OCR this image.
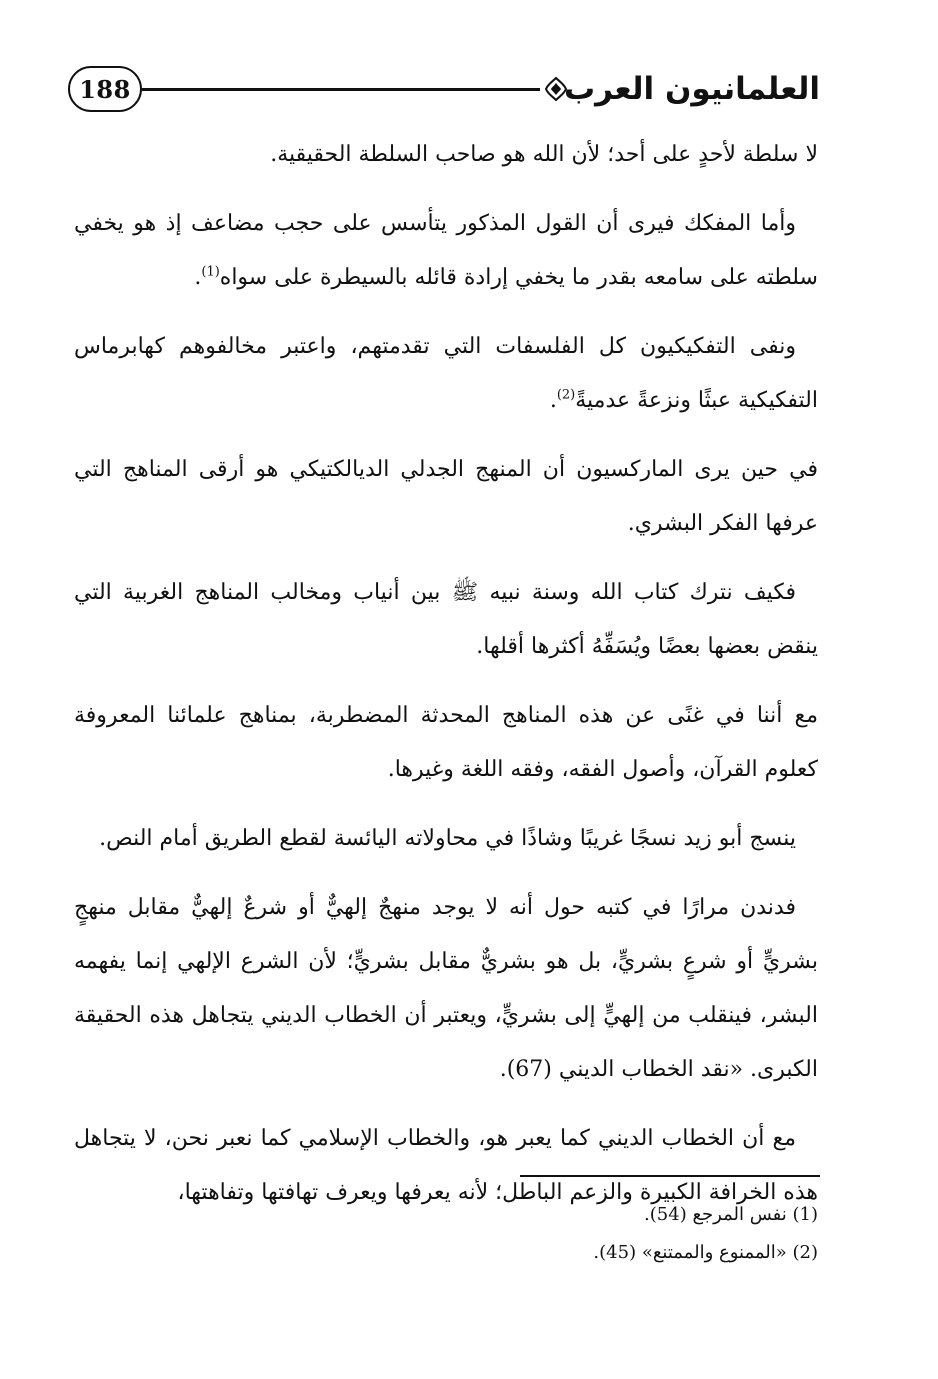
188	العلمانيون العرب

لا سلطة لأحدٍ على أحد؛ لأن الله هو صاحب السلطة الحقيقية.

وأما المفكك فيرى أن القول المذكور يتأسس على حجب مضاعف إذ هو يخفي سلطته على سامعه بقدر ما يخفي إرادة قائله بالسيطرة على سواه$^{(1)}$.

ونفى التفكيكيون كل الفلسفات التي تقدمتهم، واعتبر مخالفوهم كهابرماس التفكيكية عبثًا ونزعةً عدميةً$^{(2)}$.

في حين يرى الماركسيون أن المنهج الجدلي الديالكتيكي هو أرقى المناهج التي عرفها الفكر البشري.

فكيف نترك كتاب الله وسنة نبيه ﷺ بين أنياب ومخالب المناهج الغربية التي ينقض بعضها بعضًا ويُسَفِّهُ أكثرها أقلها.

مع أننا في غنًى عن هذه المناهج المحدثة المضطربة، بمناهج علمائنا المعروفة كعلوم القرآن، وأصول الفقه، وفقه اللغة وغيرها.

ينسج أبو زيد نسجًا غريبًا وشاذًا في محاولاته اليائسة لقطع الطريق أمام النص.

فدندن مرارًا في كتبه حول أنه لا يوجد منهجٌ إلهيٌّ أو شرعٌ إلهيٌّ مقابل منهجٍ بشريٍّ أو شرعٍ بشريٍّ، بل هو بشريٌّ مقابل بشريٍّ؛ لأن الشرع الإلهي إنما يفهمه البشر، فينقلب من إلهيٍّ إلى بشريٍّ، ويعتبر أن الخطاب الديني يتجاهل هذه الحقيقة الكبرى. «نقد الخطاب الديني (67).

مع أن الخطاب الديني كما يعبر هو، والخطاب الإسلامي كما نعبر نحن، لا يتجاهل هذه الخرافة الكبيرة والزعم الباطل؛ لأنه يعرفها ويعرف تهافتها وتفاهتها،

(1) نفس المرجع (54).

(2) «الممنوع والممتنع» (45).
